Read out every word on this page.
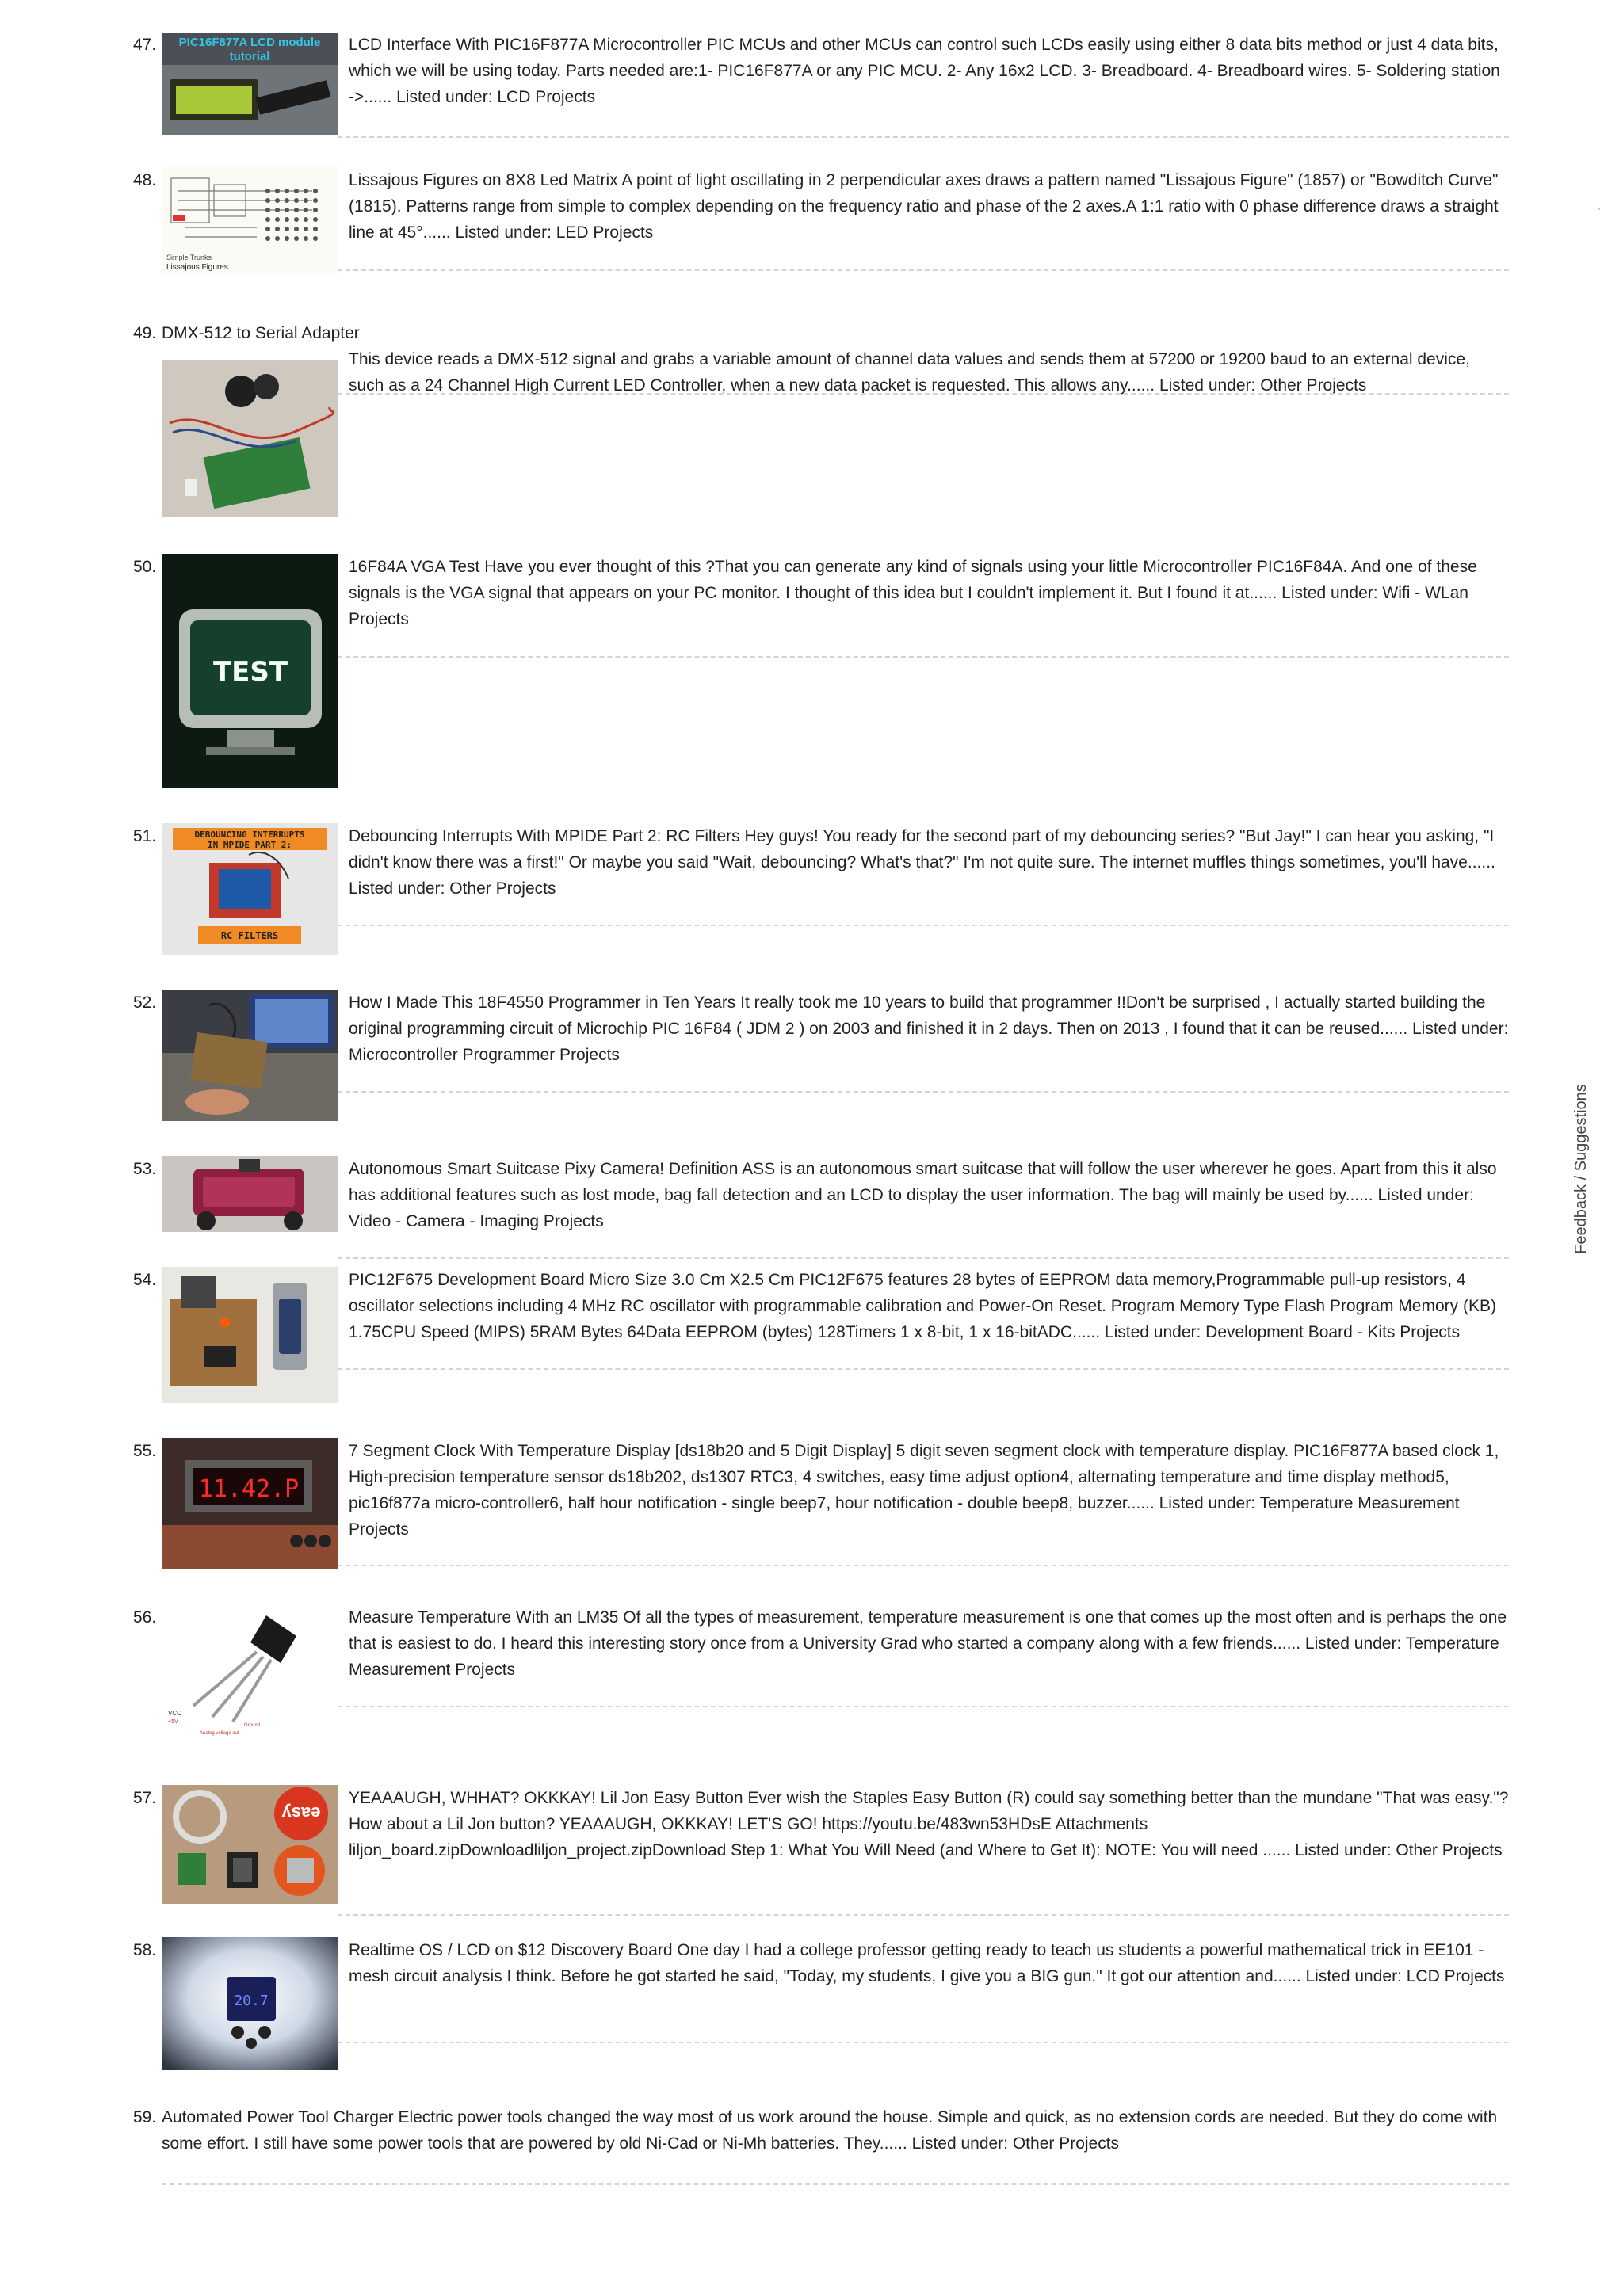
47. PIC16F877A LCD module
tutorial
LCD Interface With PIC16F877A Microcontroller PIC MCUs and other MCUs can control such LCDs easily using either 8 data bits method or just 4 data bits, which we will be using today. Parts needed are:1- PIC16F877A or any PIC MCU. 2- Any 16x2 LCD. 3- Breadboard. 4- Breadboard wires. 5- Soldering station ->...... Listed under: LCD Projects
48.
Simple Trunks
Lissajous Figures
Lissajous Figures on 8X8 Led Matrix A point of light oscillating in 2 perpendicular axes draws a pattern named "Lissajous Figure" (1857) or "Bowditch Curve" (1815). Patterns range from simple to complex depending on the frequency ratio and phase of the 2 axes.A 1:1 ratio with 0 phase difference draws a straight line at 45°...... Listed under: LED Projects
49. DMX-512 to Serial Adapter
This device reads a DMX-512 signal and grabs a variable amount of channel data values and sends them at 57200 or 19200 baud to an external device, such as a 24 Channel High Current LED Controller, when a new data packet is requested. This allows any...... Listed under: Other Projects
50.
TEST
16F84A VGA Test Have you ever thought of this ?That you can generate any kind of signals using your little Microcontroller PIC16F84A. And one of these signals is the VGA signal that appears on your PC monitor. I thought of this idea but I couldn't implement it. But I found it at...... Listed under: Wifi - WLan Projects
51.	DEBOUNCING INTERRUPTS
IN MPIDE PART 2:
RC FILTERS
Debouncing Interrupts With MPIDE Part 2: RC Filters Hey guys! You ready for the second part of my debouncing series? "But Jay!" I can hear you asking, "I didn't know there was a first!" Or maybe you said "Wait, debouncing? What's that?" I'm not quite sure. The internet muffles things sometimes, you'll have...... Listed under: Other Projects
52.	How I Made This 18F4550 Programmer in Ten Years It really took me 10 years to build that programmer !!Don't be surprised , I actually started building the original programming circuit of Microchip PIC 16F84 ( JDM 2 ) on 2003 and finished it in 2 days. Then on 2013 , I found that it can be reused...... Listed under: Microcontroller Programmer Projects
53.	Autonomous Smart Suitcase Pixy Camera! Definition ASS is an autonomous smart suitcase that will follow the user wherever he goes. Apart from this it also has additional features such as lost mode, bag fall detection and an LCD to display the user information. The bag will mainly be used by...... Listed under: Video - Camera - Imaging Projects
54.	PIC12F675 Development Board Micro Size 3.0 Cm X2.5 Cm PIC12F675 features 28 bytes of EEPROM data memory,Programmable pull-up resistors, 4 oscillator selections including 4 MHz RC oscillator with programmable calibration and Power-On Reset. Program Memory Type Flash Program Memory (KB) 1.75CPU Speed (MIPS) 5RAM Bytes 64Data EEPROM (bytes) 128Timers 1 x 8-bit, 1 x 16-bitADC...... Listed under: Development Board - Kits Projects
55.
11.42.P
7 Segment Clock With Temperature Display [ds18b20 and 5 Digit Display] 5 digit seven segment clock with temperature display. PIC16F877A based clock 1, High-precision temperature sensor ds18b202, ds1307 RTC3, 4 switches, easy time adjust option4, alternating temperature and time display method5, pic16f877a micro-controller6, half hour notification - single beep7, hour notification - double beep8, buzzer...... Listed under: Temperature Measurement Projects
56.
VCC
+5V
Analog voltage out
Ground
Measure Temperature With an LM35 Of all the types of measurement, temperature measurement is one that comes up the most often and is perhaps the one that is easiest to do. I heard this interesting story once from a University Grad who started a company along with a few friends...... Listed under: Temperature Measurement Projects
57.
easy
YEAAAUGH, WHHAT? OKKKAY! Lil Jon Easy Button Ever wish the Staples Easy Button (R) could say something better than the mundane "That was easy."? How about a Lil Jon button? YEAAAUGH, OKKKAY! LET'S GO! https://youtu.be/483wn53HDsE Attachments liljon_board.zipDownloadliljon_project.zipDownload Step 1: What You Will Need (and Where to Get It): NOTE: You will need ...... Listed under: Other Projects
58.
20.7
Realtime OS / LCD on $12 Discovery Board One day I had a college professor getting ready to teach us students a powerful mathematical trick in EE101 - mesh circuit analysis I think. Before he got started he said, "Today, my students, I give you a BIG gun." It got our attention and...... Listed under: LCD Projects
59. Automated Power Tool Charger Electric power tools changed the way most of us work around the house. Simple and quick, as no extension cords are needed. But they do come with some effort. I still have some power tools that are powered by old Ni-Cad or Ni-Mh batteries. They...... Listed under: Other Projects
Feedback / Suggestions
